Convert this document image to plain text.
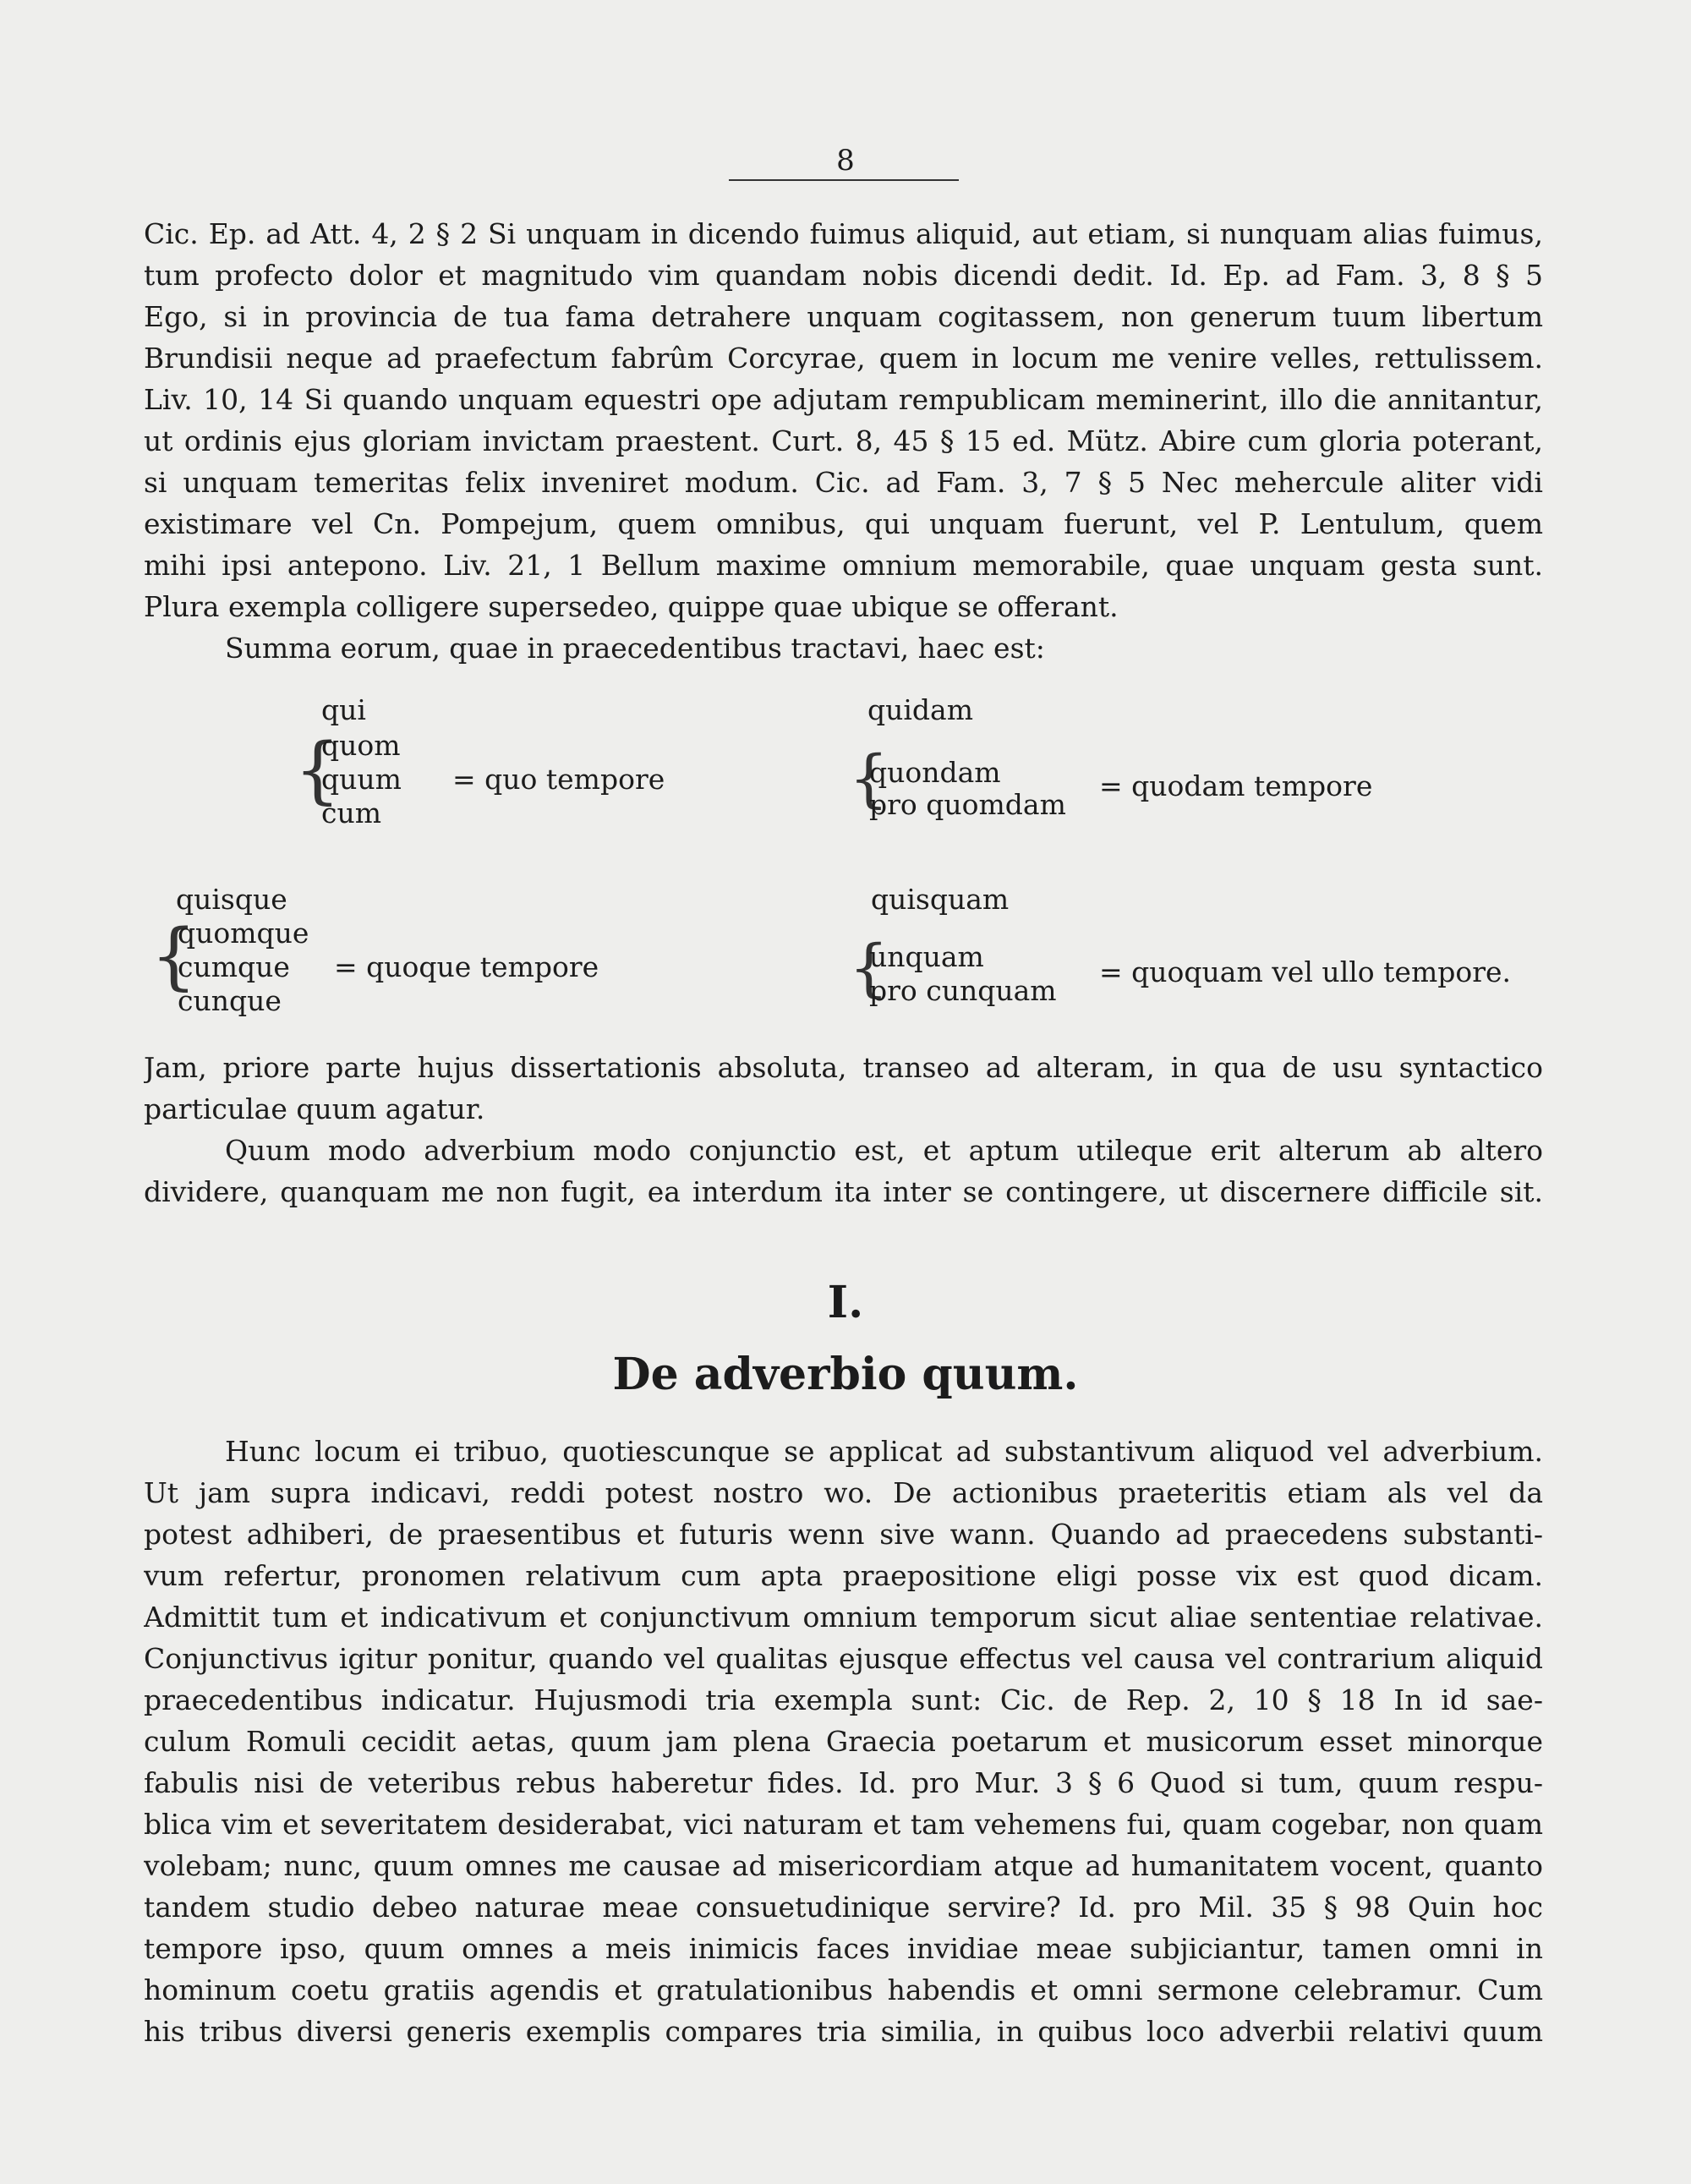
8
Cic. Ep. ad Att. 4, 2 § 2 Si unquam in dicendo fuimus aliquid, aut etiam, si nunquam alias fuimus,
tum profecto dolor et magnitudo vim quandam nobis dicendi dedit. Id. Ep. ad Fam. 3, 8 § 5
Ego, si in provincia de tua fama detrahere unquam cogitassem, non generum tuum libertum
Brundisii neque ad praefectum fabrûm Corcyrae, quem in locum me venire velles, rettulissem.
Liv. 10, 14 Si quando unquam equestri ope adjutam rempublicam meminerint, illo die annitantur,
ut ordinis ejus gloriam invictam praestent. Curt. 8, 45 § 15 ed. Mütz. Abire cum gloria poterant,
si unquam temeritas felix inveniret modum. Cic. ad Fam. 3, 7 § 5 Nec mehercule aliter vidi
existimare vel Cn. Pompejum, quem omnibus, qui unquam fuerunt, vel P. Lentulum, quem
mihi ipsi antepono. Liv. 21, 1 Bellum maxime omnium memorabile, quae unquam gesta sunt.
Plura exempla colligere supersedeo, quippe quae ubique se offerant.
Summa eorum, quae in praecedentibus tractavi, haec est:
qui
{
quom
quum
cum
= quo tempore
quidam
{
quondam
pro quomdam
= quodam tempore
quisque
{
quomque
cumque
cunque
= quoque tempore
quisquam
{
unquam
pro cunquam
= quoquam vel ullo tempore.
Jam, priore parte hujus dissertationis absoluta, transeo ad alteram, in qua de usu syntactico
particulae quum agatur.
Quum modo adverbium modo conjunctio est, et aptum utileque erit alterum ab altero
dividere, quanquam me non fugit, ea interdum ita inter se contingere, ut discernere difficile sit.
I.
De adverbio quum.
Hunc locum ei tribuo, quotiescunque se applicat ad substantivum aliquod vel adverbium.
Ut jam supra indicavi, reddi potest nostro wo. De actionibus praeteritis etiam als vel da
potest adhiberi, de praesentibus et futuris wenn sive wann. Quando ad praecedens substanti-
vum refertur, pronomen relativum cum apta praepositione eligi posse vix est quod dicam.
Admittit tum et indicativum et conjunctivum omnium temporum sicut aliae sententiae relativae.
Conjunctivus igitur ponitur, quando vel qualitas ejusque effectus vel causa vel contrarium aliquid
praecedentibus indicatur. Hujusmodi tria exempla sunt: Cic. de Rep. 2, 10 § 18 In id sae-
culum Romuli cecidit aetas, quum jam plena Graecia poetarum et musicorum esset minorque
fabulis nisi de veteribus rebus haberetur fides. Id. pro Mur. 3 § 6 Quod si tum, quum respu-
blica vim et severitatem desiderabat, vici naturam et tam vehemens fui, quam cogebar, non quam
volebam; nunc, quum omnes me causae ad misericordiam atque ad humanitatem vocent, quanto
tandem studio debeo naturae meae consuetudinique servire? Id. pro Mil. 35 § 98 Quin hoc
tempore ipso, quum omnes a meis inimicis faces invidiae meae subjiciantur, tamen omni in
hominum coetu gratiis agendis et gratulationibus habendis et omni sermone celebramur. Cum
his tribus diversi generis exemplis compares tria similia, in quibus loco adverbii relativi quum
